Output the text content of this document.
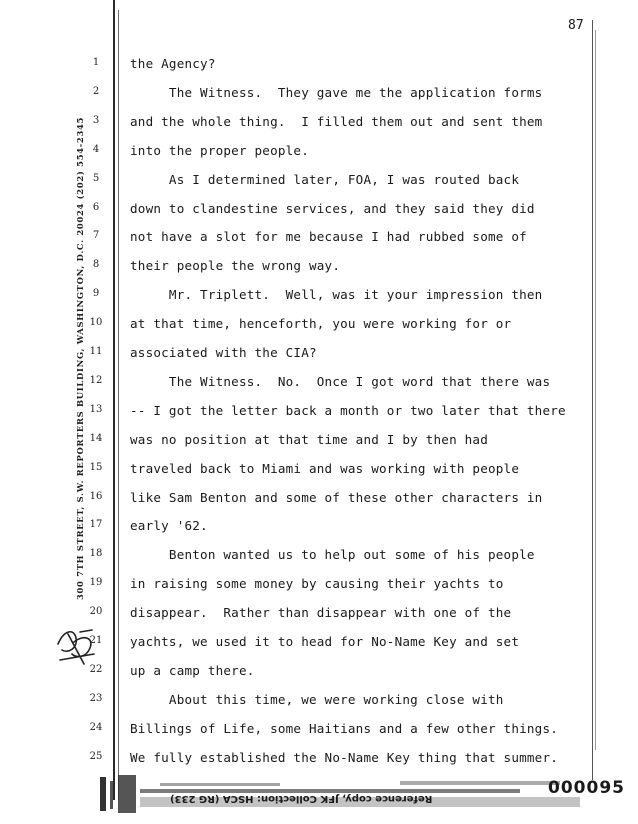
87
300 7TH STREET, S.W. REPORTERS BUILDING, WASHINGTON, D.C. 20024 (202) 554-2345
1	the Agency?
2	The Witness.  They gave me the application forms
3	and the whole thing.  I filled them out and sent them
4	into the proper people.
5	As I determined later, FOA, I was routed back
6	down to clandestine services, and they said they did
7	not have a slot for me because I had rubbed some of
8	their people the wrong way.
9	Mr. Triplett.  Well, was it your impression then
10 at that time, henceforth, you were working for or
11 associated with the CIA?
12 The Witness.  No.  Once I got word that there was
13 -- I got the letter back a month or two later that there
14 was no position at that time and I by then had
15 traveled back to Miami and was working with people
16 like Sam Benton and some of these other characters in
17 early '62.
18 Benton wanted us to help out some of his people
19 in raising some money by causing their yachts to
20 disappear.  Rather than disappear with one of the
21 yachts, we used it to head for No-Name Key and set
22 up a camp there.
23 About this time, we were working close with
24 Billings of Life, some Haitians and a few other things.
25 We fully established the No-Name Key thing that summer.
Reference copy, JFK Collection: HSCA (RG 233)
000095
